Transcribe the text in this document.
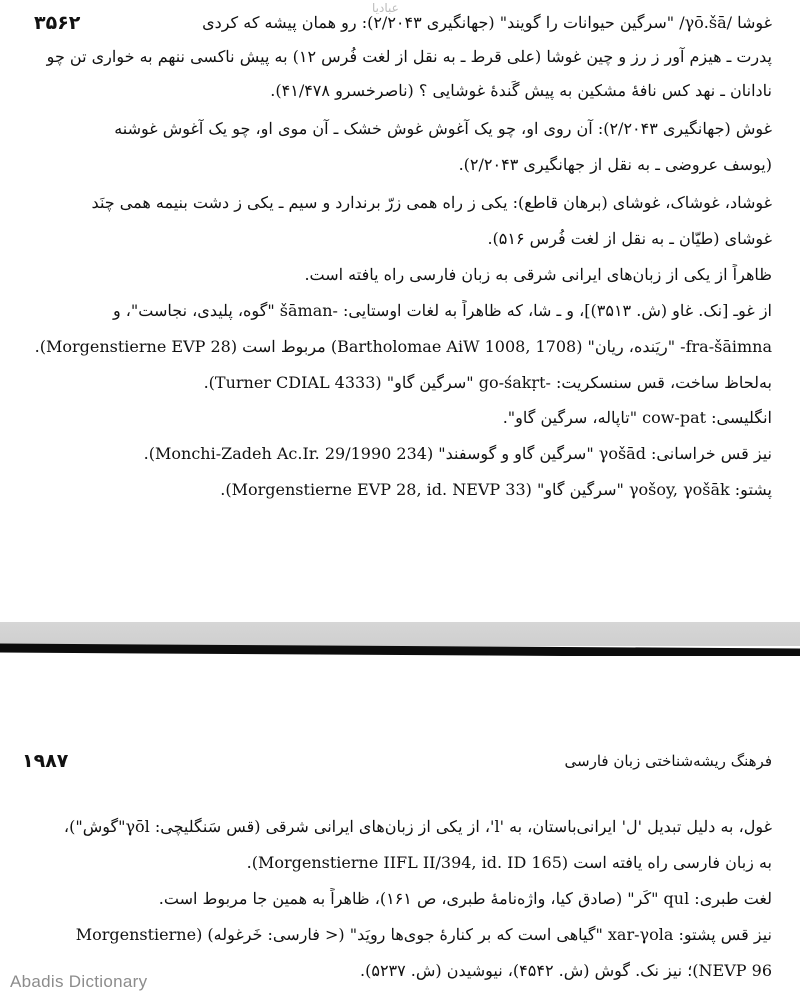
عبادیا
۳۵۶۲	غوشا /γō.šā/ "سرگین حیوانات را گویند" (جهانگیری ۲/۲۰۴۳): رو همان پیشه که کردی
پدرت ـ هیزم آور ز رز و چین غوشا (علی قرط ـ به نقل از لغت فُرس ۱۲) به پیش ناکسی ننهم به خواری تن چو
نادانان ـ نهد کس نافۀ مشکین به پیش گَندهٔ غوشایی ؟ (ناصرخسرو ۴۱/۴۷۸).
غوش (جهانگیری ۲/۲۰۴۳): آن روی او، چو یک آغوش غوش خشک ـ آن موی او، چو یک آغوش غوشنه
(یوسف عروضی ـ به نقل از جهانگیری ۲/۲۰۴۳).
غوشاد، غوشاک، غوشای (برهان قاطع): یکی ز راه همی زرّ برندارد و سیم ـ یکی ز دشت بنیمه همی چنَد
غوشای (طیّان ـ به نقل از لغت فُرس ۵۱۶).
ظاهراً از یکی از زبان‌های ایرانی شرقی به زبان فارسی راه یافته است.
از غوـ [نک. غاو (ش. ۳۵۱۳)]، و ـ شا، که ظاهراً به لغات اوستایی: -šāman "گوه، پلیدی، نجاست"، و
fra-šāimna- "ریَنده، ریان" (Bartholomae AiW 1008, 1708) مربوط است (Morgenstierne EVP 28).
به‌لحاظ ساخت، قس سنسکریت: -go-śakṛt "سرگین گاو" (Turner CDIAL 4333).
انگلیسی: cow-pat "تاپاله، سرگین گاو".
نیز قس خراسانی: γošād "سرگین گاو و گوسفند" (Monchi-Zadeh Ac.Ir. 29/1990 234).
پشتو: γošoy, γošāk "سرگین گاو" (Morgenstierne EVP 28, id. NEVP 33).
۱۹۸۷	فرهنگ ریشه‌شناختی زبان فارسی
غول، به دلیل تبدیل 'ل' ایرانی‌باستان، به 'l'، از یکی از زبان‌های ایرانی شرقی (قس سَنگلیچی: γōl"گوش")،
به زبان فارسی راه یافته است (Morgenstierne IIFL II/394, id. ID 165).
لغت طبری: qul "کَر" (صادق کیا، واژه‌نامهٔ طبری، ص ۱۶۱)، ظاهراً به همین جا مربوط است.
نیز قس پشتو: xar-γola "گیاهی است که بر کنارهٔ جوی‌ها رویَد" (< فارسی: خَرغوله) (Morgenstierne
NEVP 96)؛ نیز نک. گوش (ش. ۴۵۴۲)، نیوشیدن (ش. ۵۲۳۷).
Abadis Dictionary
